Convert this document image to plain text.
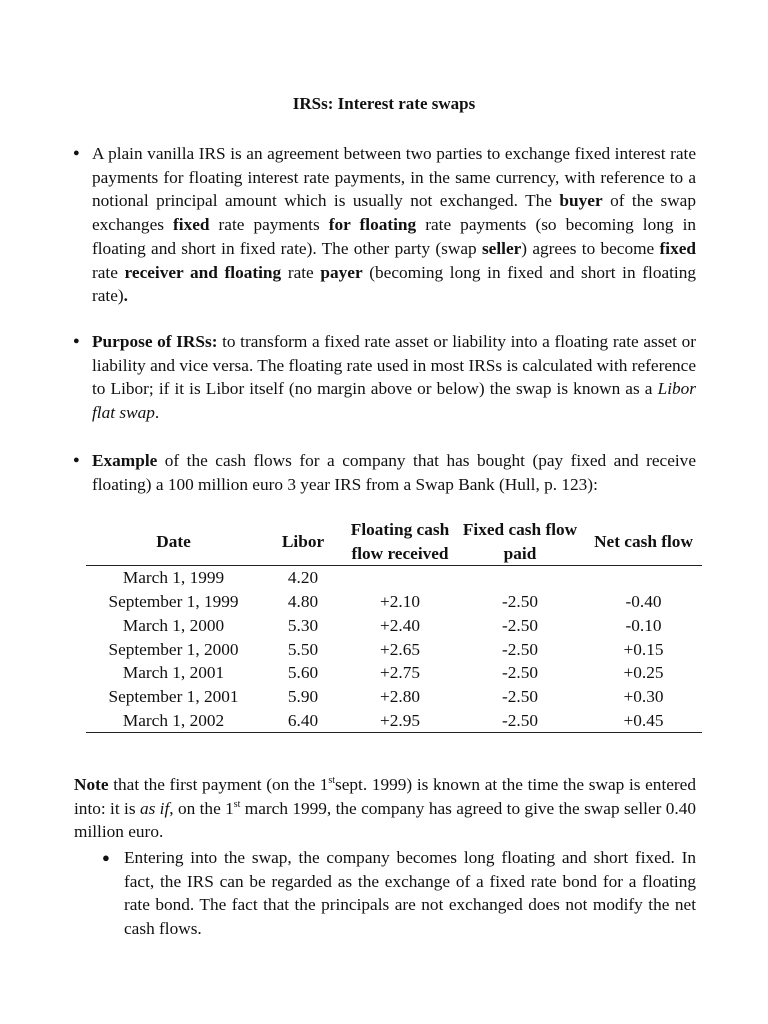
IRSs: Interest rate swaps
● A plain vanilla IRS is an agreement between two parties to exchange fixed interest rate payments for floating interest rate payments, in the same currency, with reference to a notional principal amount which is usually not exchanged. The buyer of the swap exchanges fixed rate payments for floating rate payments (so becoming long in floating and short in fixed rate). The other party (swap seller) agrees to become fixed rate receiver and floating rate payer (becoming long in fixed and short in floating rate).
● Purpose of IRSs: to transform a fixed rate asset or liability into a floating rate asset or liability and vice versa. The floating rate used in most IRSs is calculated with reference to Libor; if it is Libor itself (no margin above or below) the swap is known as a Libor flat swap.
● Example of the cash flows for a company that has bought (pay fixed and receive floating) a 100 million euro 3 year IRS from a Swap Bank (Hull, p. 123):
Date	Libor	Floating cash flow received	Fixed cash flow paid	Net cash flow
March 1, 1999	4.20			
September 1, 1999	4.80	+2.10	-2.50	-0.40
March 1, 2000	5.30	+2.40	-2.50	-0.10
September 1, 2000	5.50	+2.65	-2.50	+0.15
March 1, 2001	5.60	+2.75	-2.50	+0.25
September 1, 2001	5.90	+2.80	-2.50	+0.30
March 1, 2002	6.40	+2.95	-2.50	+0.45
Note that the first payment (on the 1stsept. 1999) is known at the time the swap is entered into: it is as if, on the 1st march 1999, the company has agreed to give the swap seller 0.40 million euro.
● Entering into the swap, the company becomes long floating and short fixed. In fact, the IRS can be regarded as the exchange of a fixed rate bond for a floating rate bond. The fact that the principals are not exchanged does not modify the net cash flows.
